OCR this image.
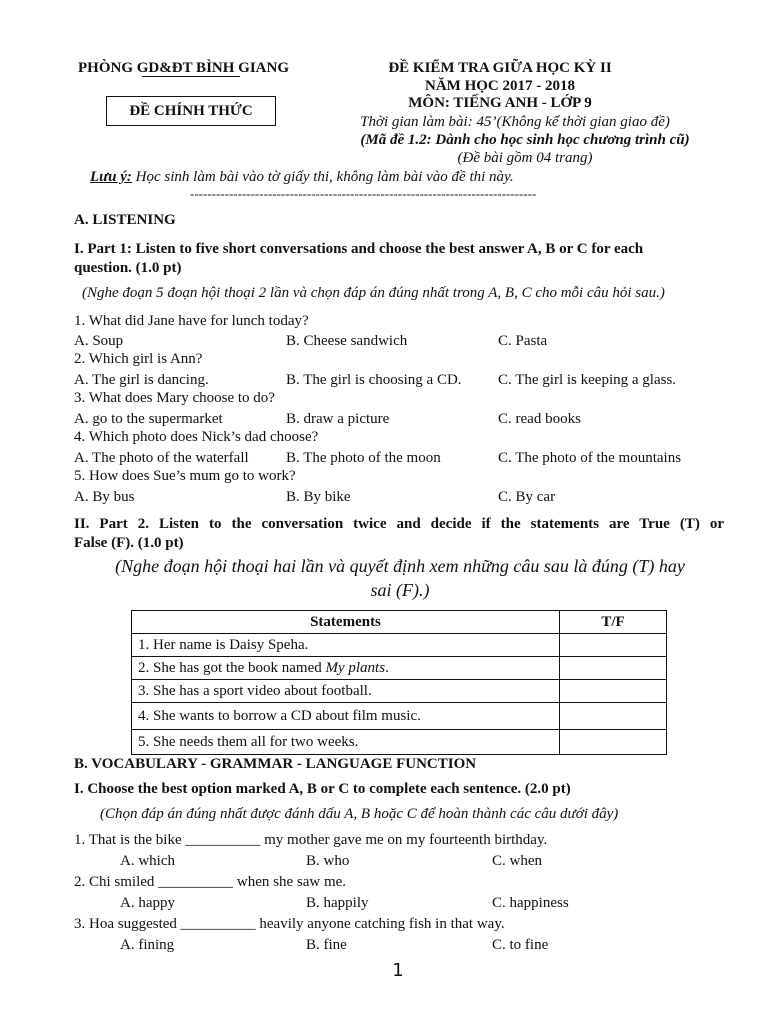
PHÒNG GD&ĐT BÌNH GIANG
ĐỀ CHÍNH THỨC
ĐỀ KIỂM TRA GIỮA HỌC KỲ II
NĂM HỌC 2017 - 2018
MÔN: TIẾNG ANH - LỚP 9
Thời gian làm bài: 45’(Không kể thời gian giao đề)
(Mã đề 1.2: Dành cho học sinh học chương trình cũ)
(Đề bài gồm 04 trang)
Lưu ý: Học sinh làm bài vào tờ giấy thi, không làm bài vào đề thi này.
--------------------------------------------------------------------------------
A. LISTENING
I. Part 1: Listen to five short conversations and choose the best answer A, B or C for each
question. (1.0 pt)
(Nghe đoạn 5 đoạn hội thoại 2 lần và chọn đáp án đúng nhất trong A, B, C cho mỗi câu hỏi sau.)
1. What did Jane have for lunch today?
A. Soup	B. Cheese sandwich	C. Pasta
2. Which girl is Ann?
A. The girl is dancing.	B. The girl is choosing a CD. C. The girl is keeping a glass.
3. What does Mary choose to do?
A. go to the supermarket	B. draw a picture	C. read books
4. Which photo does Nick’s dad choose?
A. The photo of the waterfall B. The photo of the moon	C. The photo of the mountains
5. How does Sue’s mum go to work?
A. By bus	B. By bike	C. By car
II. Part 2. Listen to the conversation twice and decide if the statements are True (T) or
False (F). (1.0 pt)
(Nghe đoạn hội thoại hai lần và quyết định xem những câu sau là đúng (T) hay
sai (F).)
Statements	T/F
1. Her name is Daisy Speha.	
2. She has got the book named My plants.	
3. She has a sport video about football.	
4. She wants to borrow a CD about film music.	
5. She needs them all for two weeks.	
B. VOCABULARY - GRAMMAR - LANGUAGE FUNCTION
I. Choose the best option marked A, B or C to complete each sentence. (2.0 pt)
(Chọn đáp án đúng nhất được đánh dấu A, B hoặc C để hoàn thành các câu dưới đây)
1. That is the bike __________ my mother gave me on my fourteenth birthday.
A. which	B. who	C. when
2. Chi smiled __________ when she saw me.
A. happy	B. happily	C. happiness
3. Hoa suggested __________ heavily anyone catching fish in that way.
A. fining	B. fine	C. to fine
1
